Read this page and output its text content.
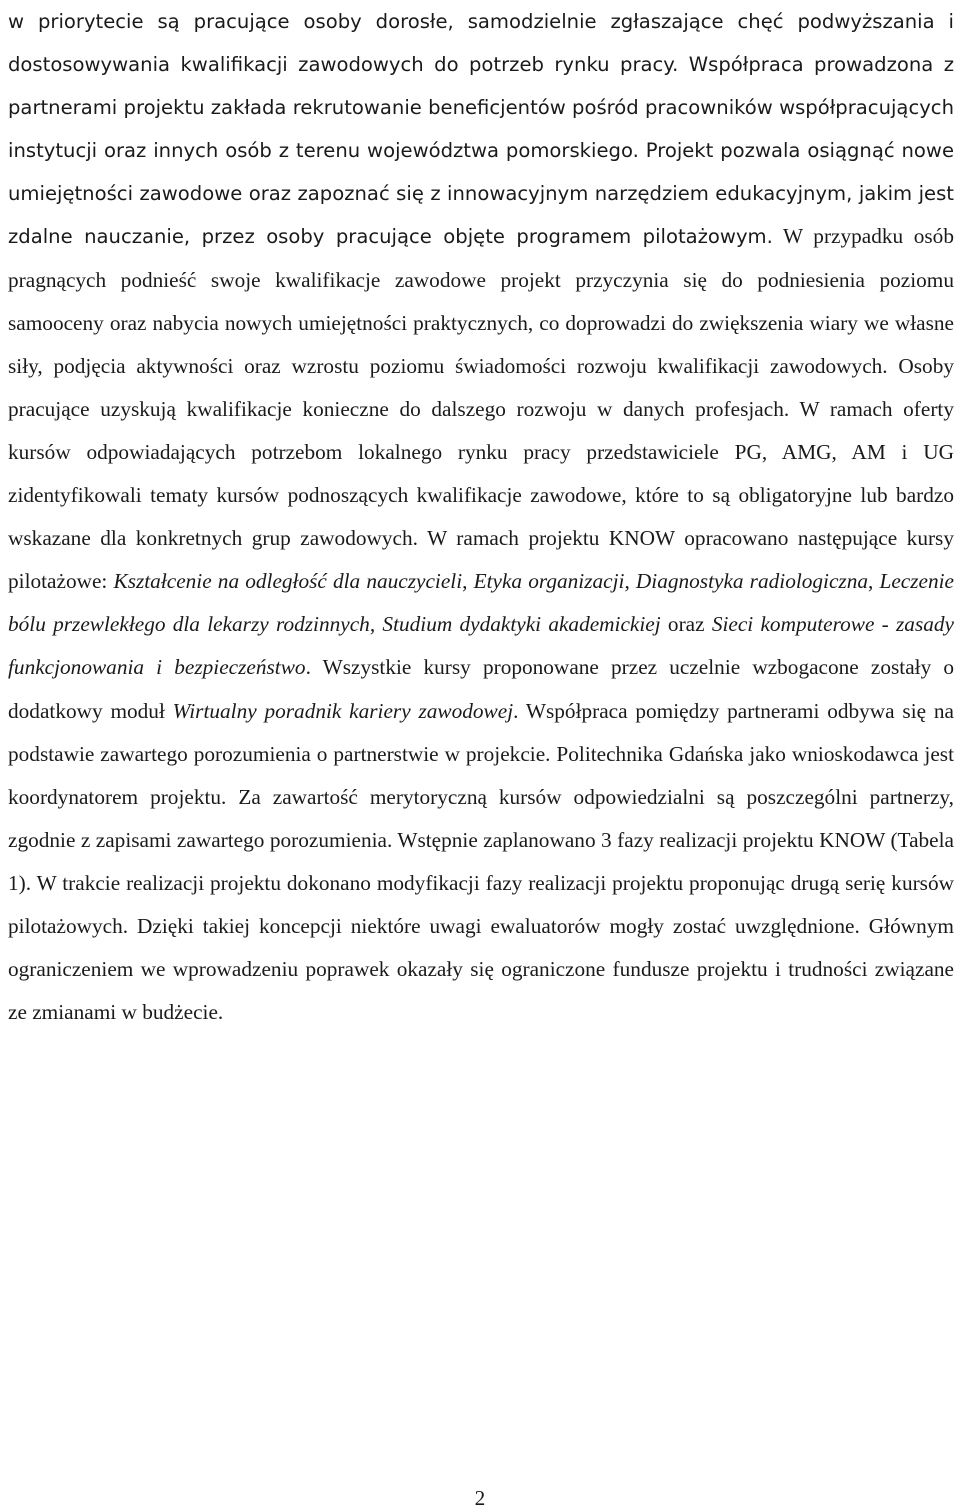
w priorytecie są pracujące osoby dorosłe, samodzielnie zgłaszające chęć podwyższania i dostosowywania kwalifikacji zawodowych do potrzeb rynku pracy. Współpraca prowadzona z partnerami projektu zakłada rekrutowanie beneficjentów pośród pracowników współpracujących instytucji oraz innych osób z terenu województwa pomorskiego. Projekt pozwala osiągnąć nowe umiejętności zawodowe oraz zapoznać się z innowacyjnym narzędziem edukacyjnym, jakim jest zdalne nauczanie, przez osoby pracujące objęte programem pilotażowym. W przypadku osób pragnących podnieść swoje kwalifikacje zawodowe projekt przyczynia się do podniesienia poziomu samooceny oraz nabycia nowych umiejętności praktycznych, co doprowadzi do zwiększenia wiary we własne siły, podjęcia aktywności oraz wzrostu poziomu świadomości rozwoju kwalifikacji zawodowych. Osoby pracujące uzyskują kwalifikacje konieczne do dalszego rozwoju w danych profesjach. W ramach oferty kursów odpowiadających potrzebom lokalnego rynku pracy przedstawiciele PG, AMG, AM i UG zidentyfikowali tematy kursów podnoszących kwalifikacje zawodowe, które to są obligatoryjne lub bardzo wskazane dla konkretnych grup zawodowych. W ramach projektu KNOW opracowano następujące kursy pilotażowe: Kształcenie na odległość dla nauczycieli, Etyka organizacji, Diagnostyka radiologiczna, Leczenie bólu przewlekłego dla lekarzy rodzinnych, Studium dydaktyki akademickiej oraz Sieci komputerowe - zasady funkcjonowania i bezpieczeństwo. Wszystkie kursy proponowane przez uczelnie wzbogacone zostały o dodatkowy moduł Wirtualny poradnik kariery zawodowej. Współpraca pomiędzy partnerami odbywa się na podstawie zawartego porozumienia o partnerstwie w projekcie. Politechnika Gdańska jako wnioskodawca jest koordynatorem projektu. Za zawartość merytoryczną kursów odpowiedzialni są poszczególni partnerzy, zgodnie z zapisami zawartego porozumienia. Wstępnie zaplanowano 3 fazy realizacji projektu KNOW (Tabela 1). W trakcie realizacji projektu dokonano modyfikacji fazy realizacji projektu proponując drugą serię kursów pilotażowych. Dzięki takiej koncepcji niektóre uwagi ewaluatorów mogły zostać uwzględnione. Głównym ograniczeniem we wprowadzeniu poprawek okazały się ograniczone fundusze projektu i trudności związane ze zmianami w budżecie.

2
